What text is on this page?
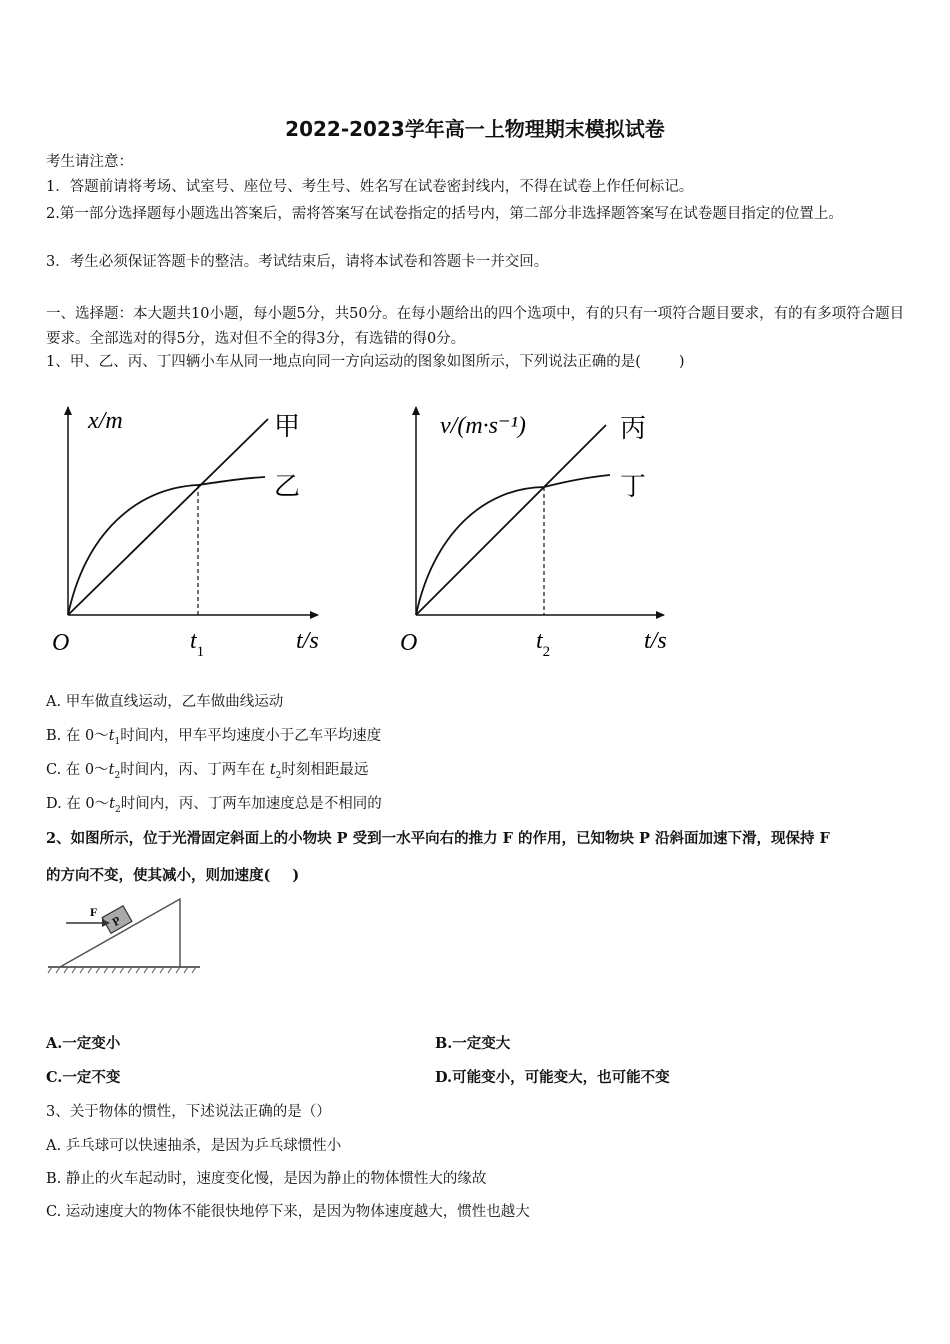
2022-2023学年高一上物理期末模拟试卷
考生请注意：
1．答题前请将考场、试室号、座位号、考生号、姓名写在试卷密封线内，不得在试卷上作任何标记。
2.第一部分选择题每小题选出答案后，需将答案写在试卷指定的括号内，第二部分非选择题答案写在试卷题目指定的位置上。
3．考生必须保证答题卡的整洁。考试结束后，请将本试卷和答题卡一并交回。
一、选择题：本大题共10小题，每小题5分，共50分。在每小题给出的四个选项中，有的只有一项符合题目要求，有的有多项符合题目要求。全部选对的得5分，选对但不全的得3分，有选错的得0分。
1、甲、乙、丙、丁四辆小车从同一地点向同一方向运动的图象如图所示，下列说法正确的是(	)
x/m
t/s
O	$t_1$
甲
乙
v/(m·s⁻¹)
t/s
O	$t_2$
丙
丁
A. 甲车做直线运动，乙车做曲线运动
B. 在 $0\sim t_1$时间内，甲车平均速度小于乙车平均速度
C. 在 $0\sim t_2$时间内，丙、丁两车在 $t_2$时刻相距最远
D. 在 $0\sim t_2$时间内，丙、丁两车加速度总是不相同的
2、如图所示，位于光滑固定斜面上的小物块 P 受到一水平向右的推力 F 的作用，已知物块 P 沿斜面加速下滑，现保持 F
的方向不变，使其减小，则加速度( )
P
F
A.一定变小	B.一定变大
C.一定不变	D.可能变小，可能变大，也可能不变
3、关于物体的惯性，下述说法正确的是（）
A. 乒乓球可以快速抽杀，是因为乒乓球惯性小
B. 静止的火车起动时，速度变化慢，是因为静止的物体惯性大的缘故
C. 运动速度大的物体不能很快地停下来，是因为物体速度越大，惯性也越大
